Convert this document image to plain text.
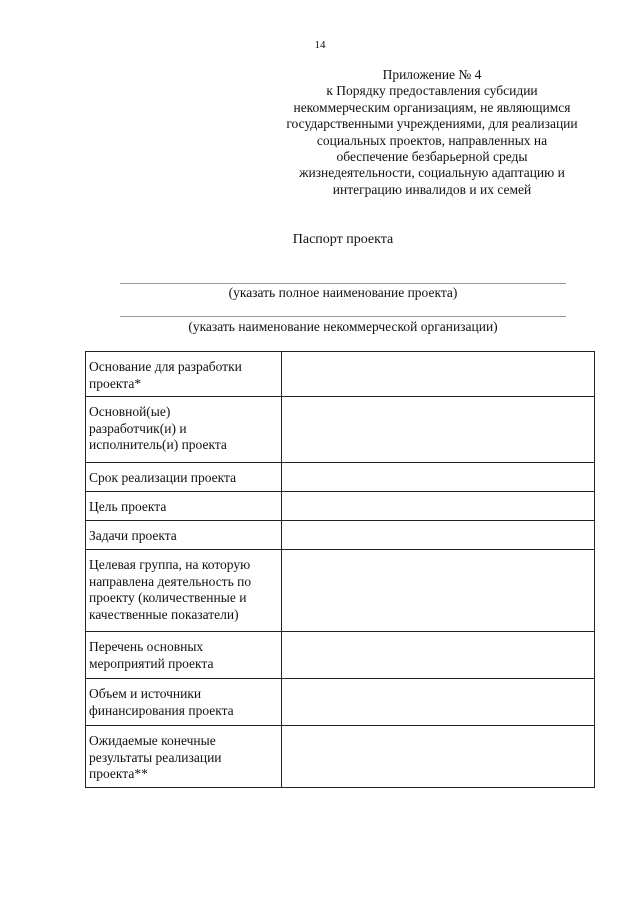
14
Приложение № 4
к Порядку предоставления субсидии
некоммерческим организациям, не являющимся
государственными учреждениями, для реализации
социальных проектов, направленных на
обеспечение безбарьерной среды
жизнедеятельности, социальную адаптацию и
интеграцию инвалидов и их семей
Паспорт проекта
(указать полное наименование проекта)
(указать наименование некоммерческой организации)
Основание для разработки
проекта*	

Основной(ые)
разработчик(и) и
исполнитель(и) проекта	

Срок реализации проекта	

Цель проекта	

Задачи проекта	

Целевая группа, на которую
направлена деятельность по
проекту (количественные и
качественные показатели)	

Перечень основных
мероприятий проекта	

Объем и источники
финансирования проекта	

Ожидаемые конечные
результаты реализации
проекта**	
